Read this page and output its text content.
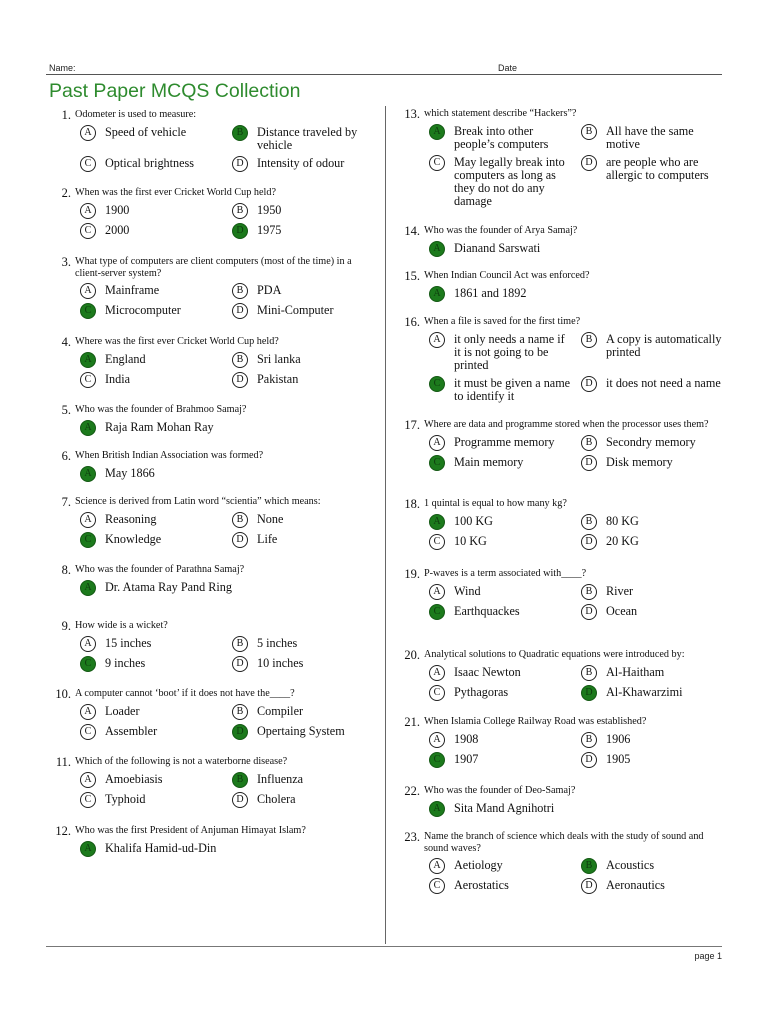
Name:	Date
Past Paper MCQS Collection
1. Odometer is used to measure:
A	Speed of vehicle	B	Distance traveled by vehicle
C	Optical brightness	D	Intensity of odour
2. When was the first ever Cricket World Cup held?
A	1900	B	1950
C	2000	D	1975
3. What type of computers are client computers (most of the time) in a client-server system?
A	Mainframe	B	PDA
C	Microcomputer	D	Mini-Computer
4. Where was the first ever Cricket World Cup held?
A	England	B	Sri lanka
C	India	D	Pakistan
5. Who was the founder of Brahmoo Samaj?
A	Raja Ram Mohan Ray
6. When British Indian Association was formed?
A	May 1866
7. Science is derived from Latin word “scientia” which means:
A	Reasoning	B	None
C	Knowledge	D	Life
8. Who was the founder of Parathna Samaj?
A	Dr. Atama Ray Pand Ring
9. How wide is a wicket?
A	15 inches	B	5 inches
C	9 inches	D	10 inches
10. A computer cannot ‘boot’ if it does not have the____?
A	Loader	B	Compiler
C	Assembler	D	Opertaing System
11. Which of the following is not a waterborne disease?
A	Amoebiasis	B	Influenza
C	Typhoid	D	Cholera
12. Who was the first President of Anjuman Himayat Islam?
A	Khalifa Hamid-ud-Din
13. which statement describe “Hackers”?
A	Break into other people’s computers
B	All have the same motive
C	May legally break into computers as long as they do not do any damage
D	are people who are allergic to computers
14. Who was the founder of Arya Samaj?
A	Dianand Sarswati
15. When Indian Council Act was enforced?
A	1861 and 1892
16. When a file is saved for the first time?
A	it only needs a name if it is not going to be printed
B	A copy is automatically printed
C	it must be given a name to identify it
D	it does not need a name
17. Where are data and programme stored when the processor uses them?
A	Programme memory	B	Secondry memory
C	Main memory	D	Disk memory
18. 1 quintal is equal to how many kg?
A	100 KG	B	80 KG
C	10 KG	D	20 KG
19. P-waves is a term associated with____?
A	Wind	B	River
C	Earthquackes	D	Ocean
20. Analytical solutions to Quadratic equations were introduced by:
A	Isaac Newton	B	Al-Haitham
C	Pythagoras	D	Al-Khawarzimi
21. When Islamia College Railway Road was established?
A	1908	B	1906
C	1907	D	1905
22. Who was the founder of Deo-Samaj?
A	Sita Mand Agnihotri
23. Name the branch of science which deals with the study of sound and sound waves?
A	Aetiology	B	Acoustics
C	Aerostatics	D	Aeronautics
page 1
